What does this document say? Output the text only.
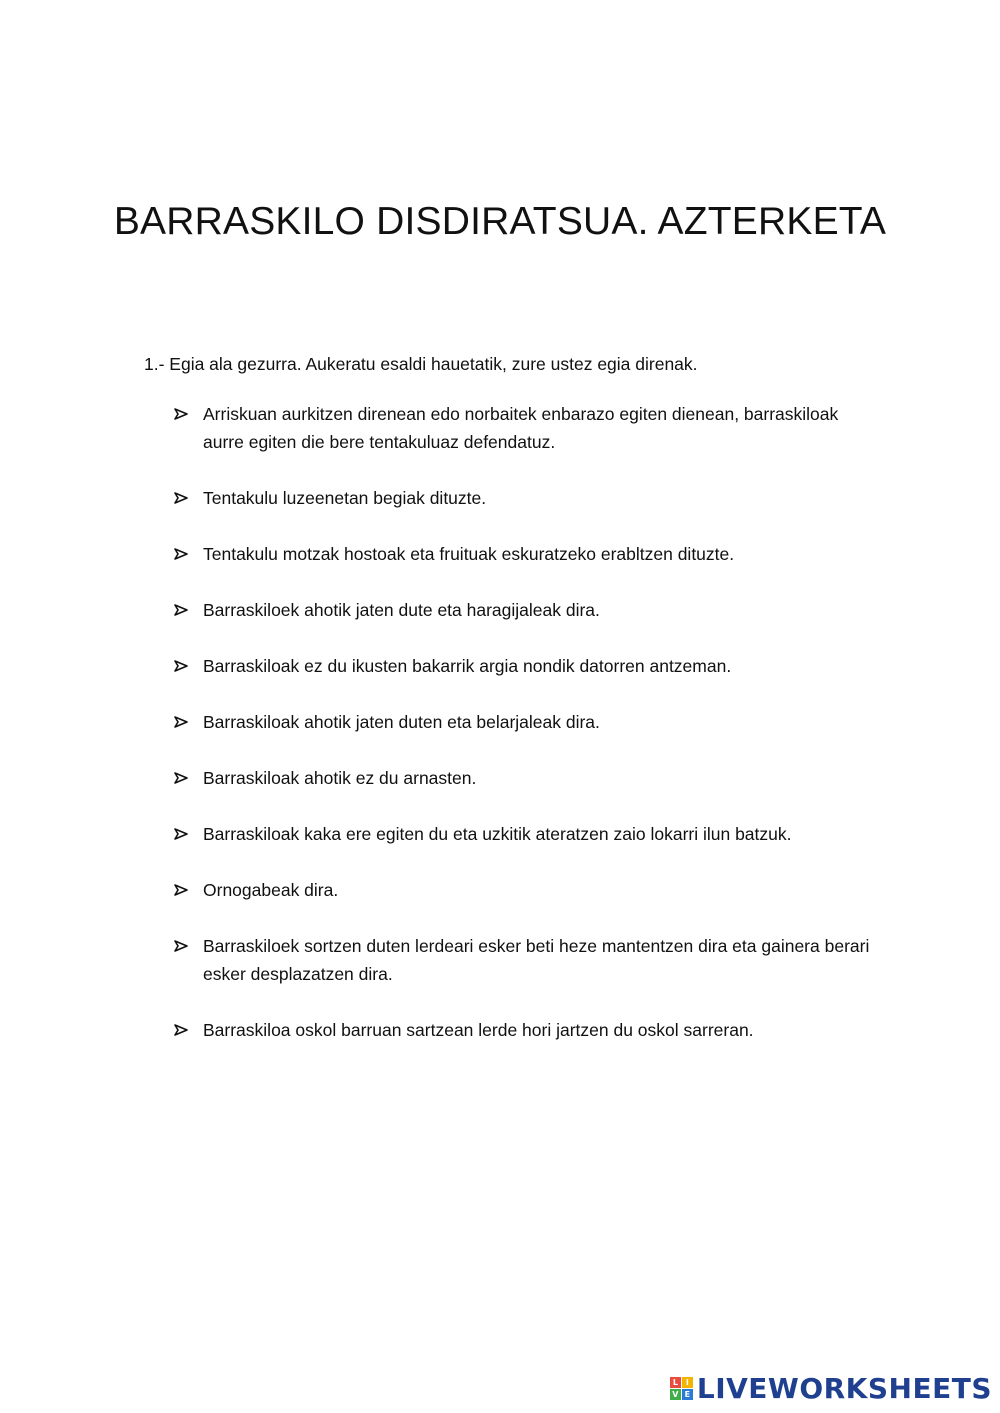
BARRASKILO DISDIRATSUA. AZTERKETA

1.- Egia ala gezurra. Aukeratu esaldi hauetatik, zure ustez egia direnak.

Arriskuan aurkitzen direnean edo norbaitek enbarazo egiten dienean, barraskiloak aurre egiten die bere tentakuluaz defendatuz.
Tentakulu luzeenetan begiak dituzte.
Tentakulu motzak hostoak eta fruituak eskuratzeko erabltzen dituzte.
Barraskiloek ahotik jaten dute eta haragijaleak dira.
Barraskiloak ez du ikusten bakarrik argia nondik datorren antzeman.
Barraskiloak ahotik jaten duten eta belarjaleak dira.
Barraskiloak ahotik ez du arnasten.
Barraskiloak kaka ere egiten du eta uzkitik ateratzen zaio lokarri ilun batzuk.
Ornogabeak dira.
Barraskiloek sortzen duten lerdeari esker beti heze mantentzen dira eta gainera berari esker desplazatzen dira.
Barraskiloa oskol barruan sartzean lerde hori jartzen du oskol sarreran.
L I
V E LIVEWORKSHEETS
